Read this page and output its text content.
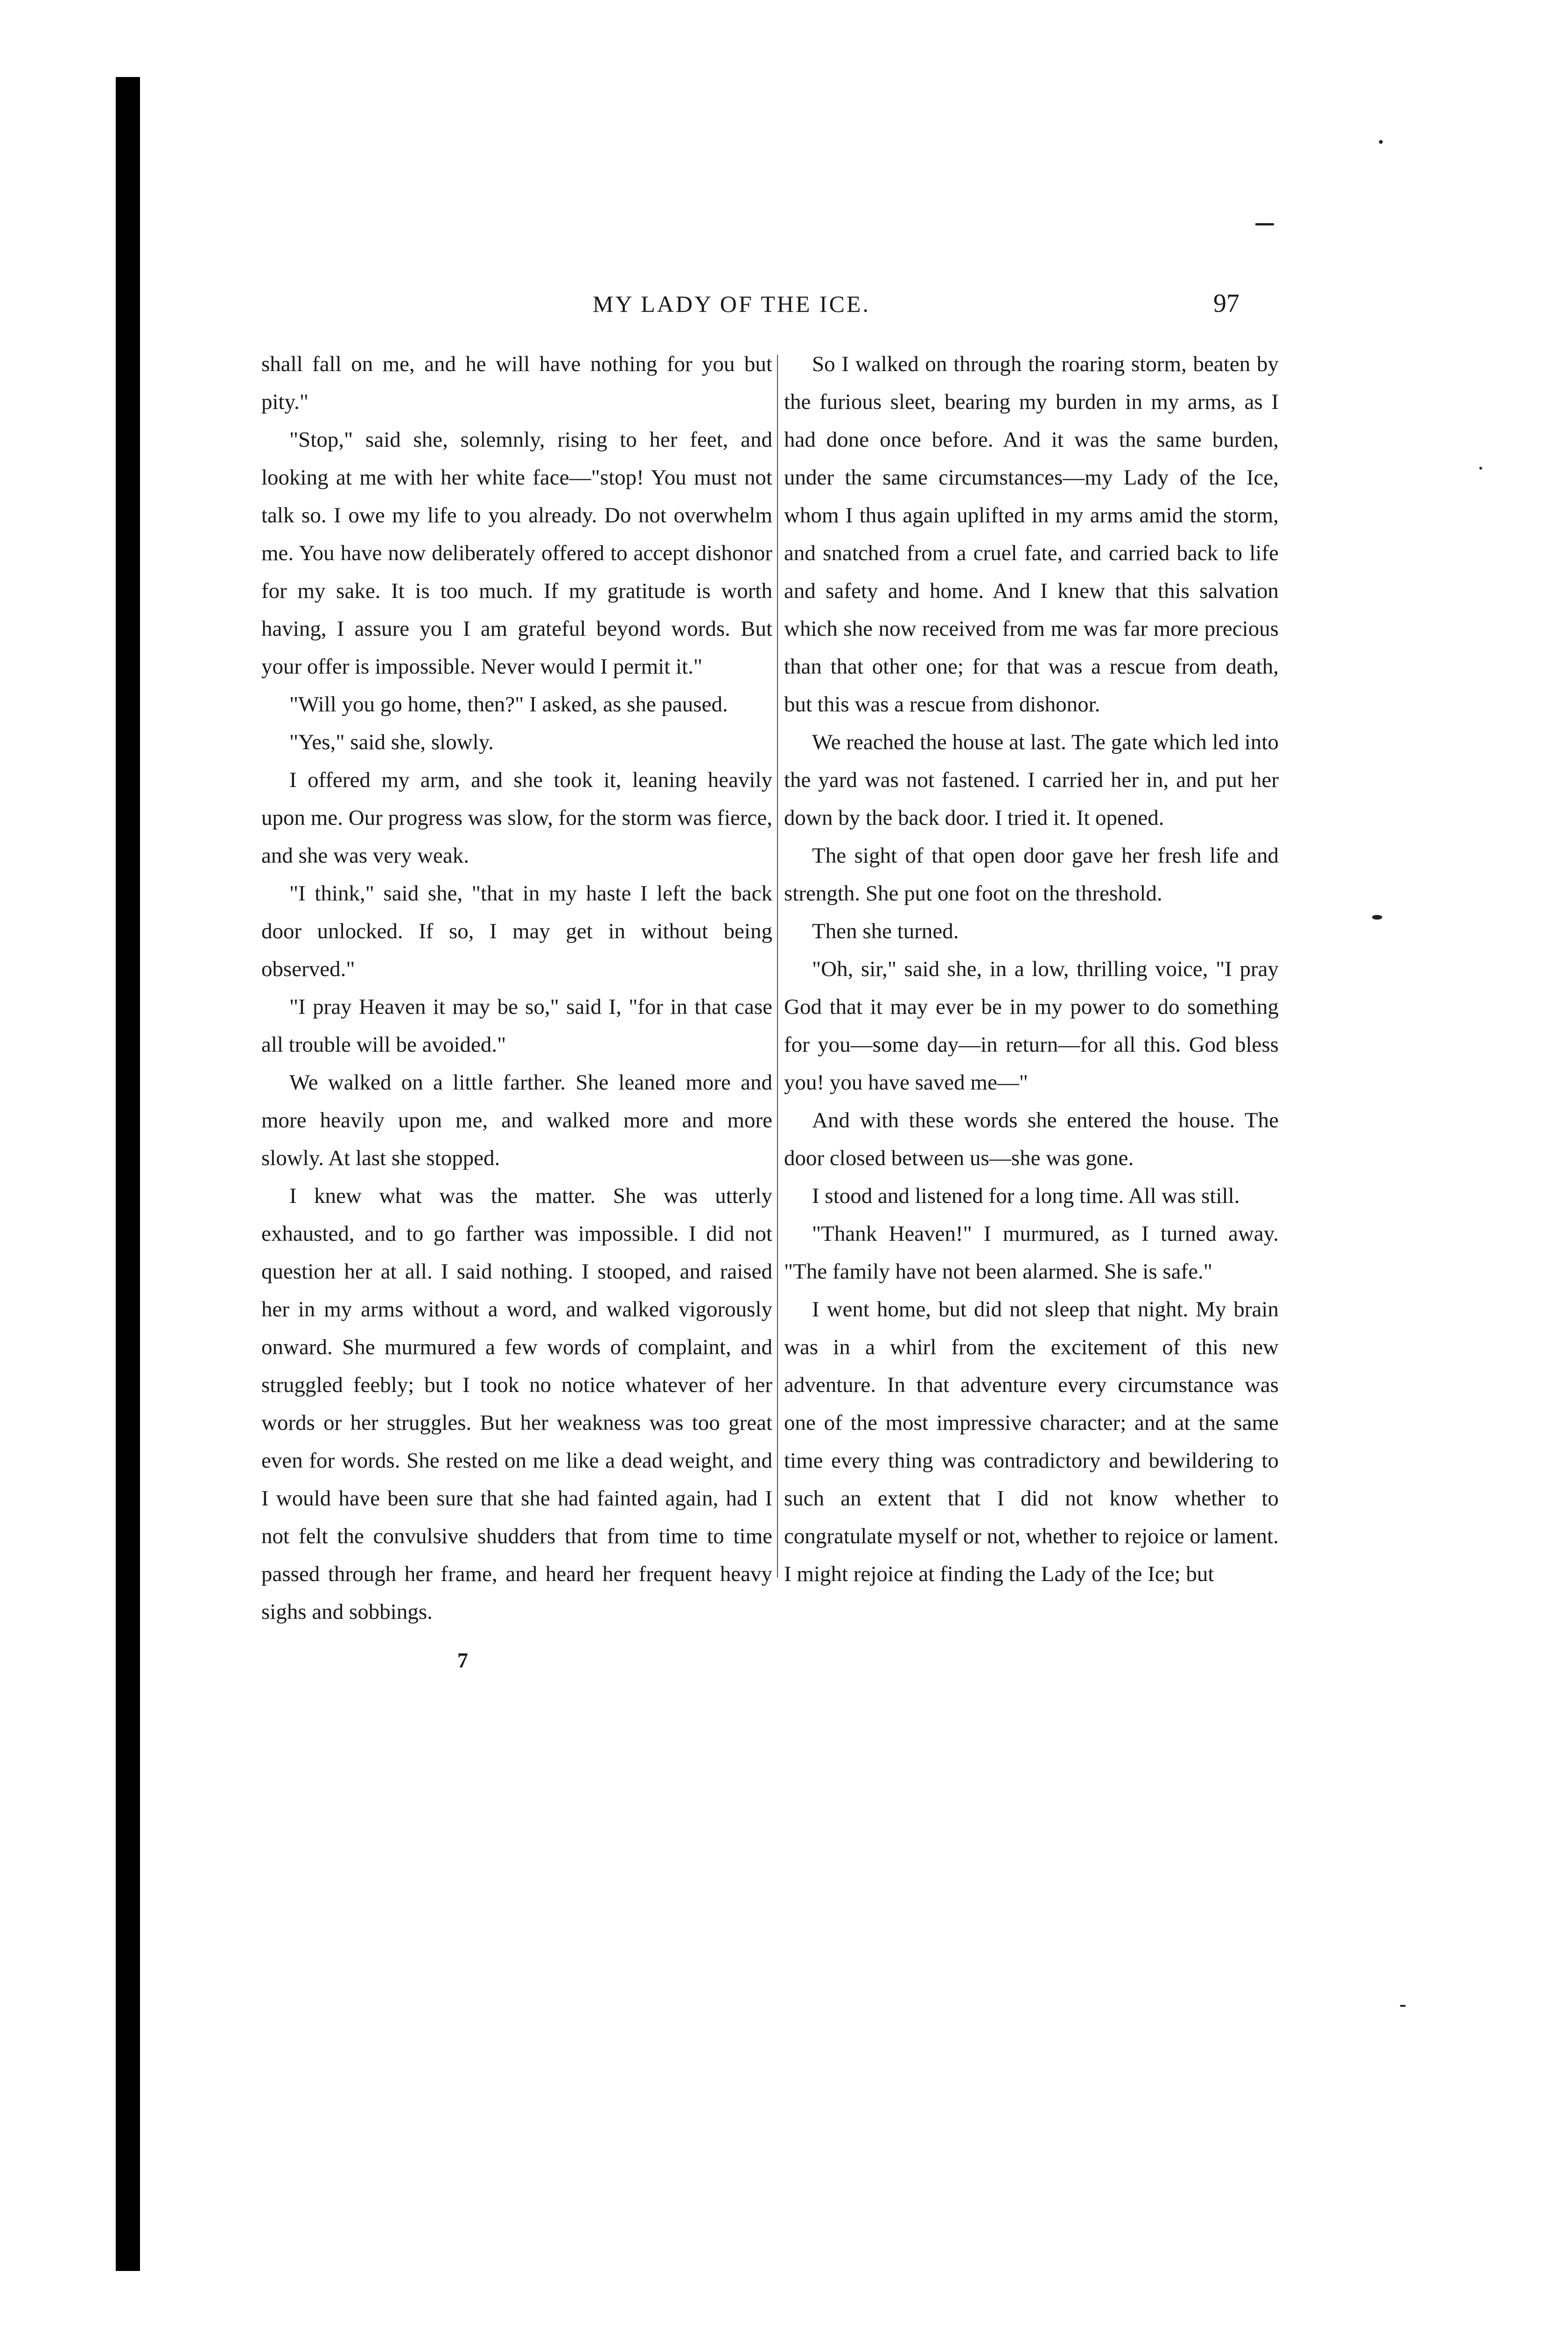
MY LADY OF THE ICE.	97

shall fall on me, and he will have nothing for you but pity."

"Stop," said she, solemnly, rising to her feet, and looking at me with her white face—"stop! You must not talk so. I owe my life to you already. Do not overwhelm me. You have now deliberately offered to accept dishonor for my sake. It is too much. If my gratitude is worth having, I assure you I am grateful beyond words. But your offer is impossible. Never would I permit it."

"Will you go home, then?" I asked, as she paused.

"Yes," said she, slowly.

I offered my arm, and she took it, leaning heavily upon me. Our progress was slow, for the storm was fierce, and she was very weak.

"I think," said she, "that in my haste I left the back door unlocked. If so, I may get in without being observed."

"I pray Heaven it may be so," said I, "for in that case all trouble will be avoided."

We walked on a little farther. She leaned more and more heavily upon me, and walked more and more slowly. At last she stopped.

I knew what was the matter. She was utterly exhausted, and to go farther was impossible. I did not question her at all. I said nothing. I stooped, and raised her in my arms without a word, and walked vigorously onward. She murmured a few words of complaint, and struggled feebly; but I took no notice whatever of her words or her struggles. But her weakness was too great even for words. She rested on me like a dead weight, and I would have been sure that she had fainted again, had I not felt the convulsive shudders that from time to time passed through her frame, and heard her frequent heavy sighs and sobbings.

So I walked on through the roaring storm, beaten by the furious sleet, bearing my burden in my arms, as I had done once before. And it was the same burden, under the same circumstances—my Lady of the Ice, whom I thus again uplifted in my arms amid the storm, and snatched from a cruel fate, and carried back to life and safety and home. And I knew that this salvation which she now received from me was far more precious than that other one; for that was a rescue from death, but this was a rescue from dishonor.

We reached the house at last. The gate which led into the yard was not fastened. I carried her in, and put her down by the back door. I tried it. It opened.

The sight of that open door gave her fresh life and strength. She put one foot on the threshold.

Then she turned.

"Oh, sir," said she, in a low, thrilling voice, "I pray God that it may ever be in my power to do something for you—some day—in return—for all this. God bless you! you have saved me—"

And with these words she entered the house. The door closed between us—she was gone.

I stood and listened for a long time. All was still.

"Thank Heaven!" I murmured, as I turned away. "The family have not been alarmed. She is safe."

I went home, but did not sleep that night. My brain was in a whirl from the excitement of this new adventure. In that adventure every circumstance was one of the most impressive character; and at the same time every thing was contradictory and bewildering to such an extent that I did not know whether to congratulate myself or not, whether to rejoice or lament. I might rejoice at finding the Lady of the Ice; but

7
